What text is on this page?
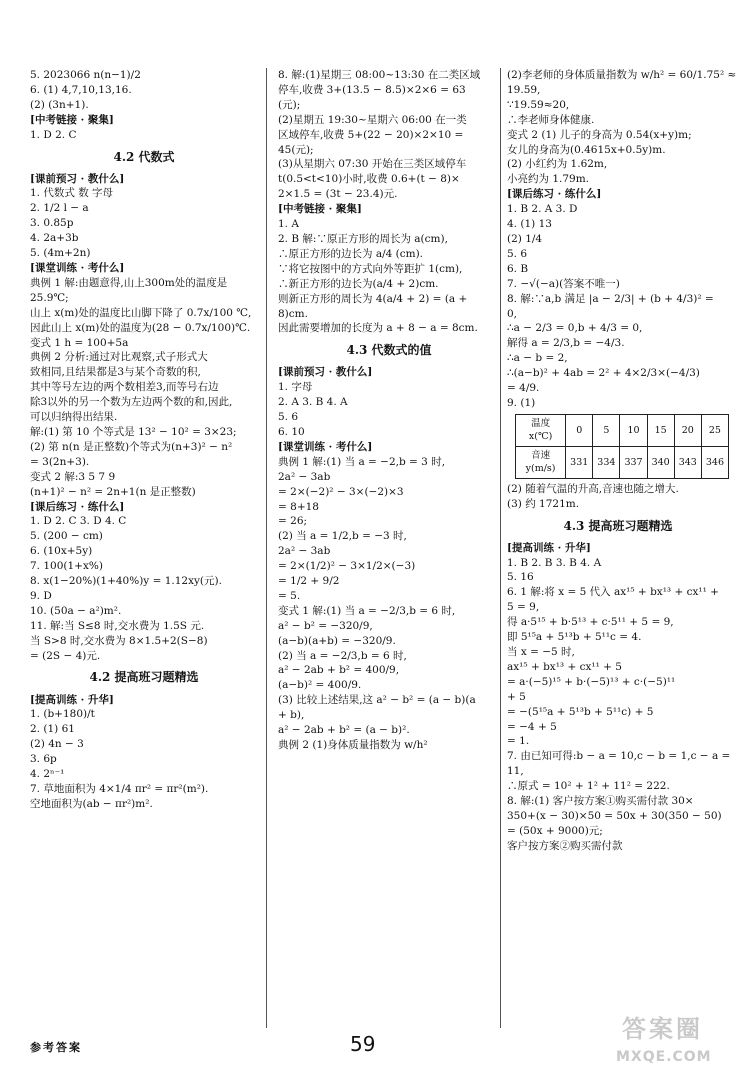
5. 2023066 n(n−1)/2
6. (1) 4,7,10,13,16.
(2) (3n+1).
[中考链接 · 聚集]
1. D 2. C
4.2 代数式
[课前预习 · 教什么]
1. 代数式 数 字母
2. 1/2 l − a
3. 0.85p
4. 2a+3b
5. (4m+2n)
[课堂训练 · 考什么]
典例 1 解:由题意得,山上300m处的温度是
25.9℃;
山上 x(m)处的温度比山脚下降了 0.7x/100 ℃,
因此山上 x(m)处的温度为(28 − 0.7x/100)℃.
变式 1 h = 100+5a
典例 2 分析:通过对比观察,式子形式大
致相同,且结果都是3与某个奇数的积,
其中等号左边的两个数相差3,而等号右边
除3以外的另一个数为左边两个数的和,因此,
可以归纳得出结果.
解:(1) 第 10 个等式是 13² − 10² = 3×23;
(2) 第 n(n 是正整数)个等式为(n+3)² − n²
= 3(2n+3).
变式 2 解:3 5 7 9
(n+1)² − n² = 2n+1(n 是正整数)
[课后练习 · 练什么]
1. D 2. C 3. D 4. C
5. (200 − cm)
6. (10x+5y)
7. 100(1+x%)
8. x(1−20%)(1+40%)y = 1.12xy(元).
9. D
10. (50a − a²)m².
11. 解:当 S≤8 时,交水费为 1.5S 元.
当 S>8 时,交水费为 8×1.5+2(S−8)
= (2S − 4)元.
4.2 提高班习题精选
[提高训练 · 升华]
1. (b+180)/t
2. (1) 61
(2) 4n − 3
3. 6p
4. 2ⁿ⁻¹
7. 草地面积为 4×1/4 πr² = πr²(m²).
空地面积为(ab − πr²)m².
8. 解:(1)星期三 08:00~13:30 在二类区域
停车,收费 3+(13.5 − 8.5)×2×6 = 63
(元);
(2)星期五 19:30~星期六 06:00 在一类
区域停车,收费 5+(22 − 20)×2×10 =
45(元);
(3)从星期六 07:30 开始在三类区域停车
t(0.5<t<10)小时,收费 0.6+(t − 8)×
2×1.5 = (3t − 23.4)元.
[中考链接 · 聚集]
1. A
2. B 解:∵原正方形的周长为 a(cm),
∴原正方形的边长为 a/4 (cm).
∵将它按图中的方式向外等距扩 1(cm),
∴新正方形的边长为(a/4 + 2)cm.
则新正方形的周长为 4(a/4 + 2) = (a +
8)cm.
因此需要增加的长度为 a + 8 − a = 8cm.
4.3 代数式的值
[课前预习 · 教什么]
1. 字母
2. A 3. B 4. A
5. 6
6. 10
[课堂训练 · 考什么]
典例 1 解:(1) 当 a = −2,b = 3 时,
2a² − 3ab
= 2×(−2)² − 3×(−2)×3
= 8+18
= 26;
(2) 当 a = 1/2,b = −3 时,
2a² − 3ab
= 2×(1/2)² − 3×1/2×(−3)
= 1/2 + 9/2
= 5.
变式 1 解:(1) 当 a = −2/3,b = 6 时,
a² − b² = −320/9,
(a−b)(a+b) = −320/9.
(2) 当 a = −2/3,b = 6 时,
a² − 2ab + b² = 400/9,
(a−b)² = 400/9.
(3) 比较上述结果,这 a² − b² = (a − b)(a
+ b),
a² − 2ab + b² = (a − b)².
典例 2 (1)身体质量指数为 w/h²
(2)李老师的身体质量指数为 w/h² = 60/1.75² ≈
19.59,
∵19.59≈20,
∴李老师身体健康.
变式 2 (1) 儿子的身高为 0.54(x+y)m;
女儿的身高为(0.4615x+0.5y)m.
(2) 小红约为 1.62m,
小亮约为 1.79m.
[课后练习 · 练什么]
1. B 2. A 3. D
4. (1) 13
(2) 1/4
5. 6
6. B
7. −√(−a)(答案不唯一)
8. 解:∵a,b 满足 |a − 2/3| + (b + 4/3)² =
0,
∴a − 2/3 = 0,b + 4/3 = 0,
解得 a = 2/3,b = −4/3.
∴a − b = 2,
∴(a−b)² + 4ab = 2² + 4×2/3×(−4/3)
= 4/9.
9. (1)
温度 x(℃)	0	5	10	15	20	25
音速 y(m/s)	331	334	337	340	343	346
(2) 随着气温的升高,音速也随之增大.
(3) 约 1721m.
4.3 提高班习题精选
[提高训练 · 升华]
1. B 2. B 3. B 4. A
5. 16
6. 1 解:将 x = 5 代入 ax¹⁵ + bx¹³ + cx¹¹ +
5 = 9,
得 a·5¹⁵ + b·5¹³ + c·5¹¹ + 5 = 9,
即 5¹⁵a + 5¹³b + 5¹¹c = 4.
当 x = −5 时,
ax¹⁵ + bx¹³ + cx¹¹ + 5
= a·(−5)¹⁵ + b·(−5)¹³ + c·(−5)¹¹
+ 5
= −(5¹⁵a + 5¹³b + 5¹¹c) + 5
= −4 + 5
= 1.
7. 由已知可得:b − a = 10,c − b = 1,c − a =
11,
∴原式 = 10² + 1² + 11² = 222.
8. 解:(1) 客户按方案①购买需付款 30×
350+(x − 30)×50 = 50x + 30(350 − 50)
= (50x + 9000)元;
客户按方案②购买需付款
参考答案	59
答案圈
MXQE.COM
